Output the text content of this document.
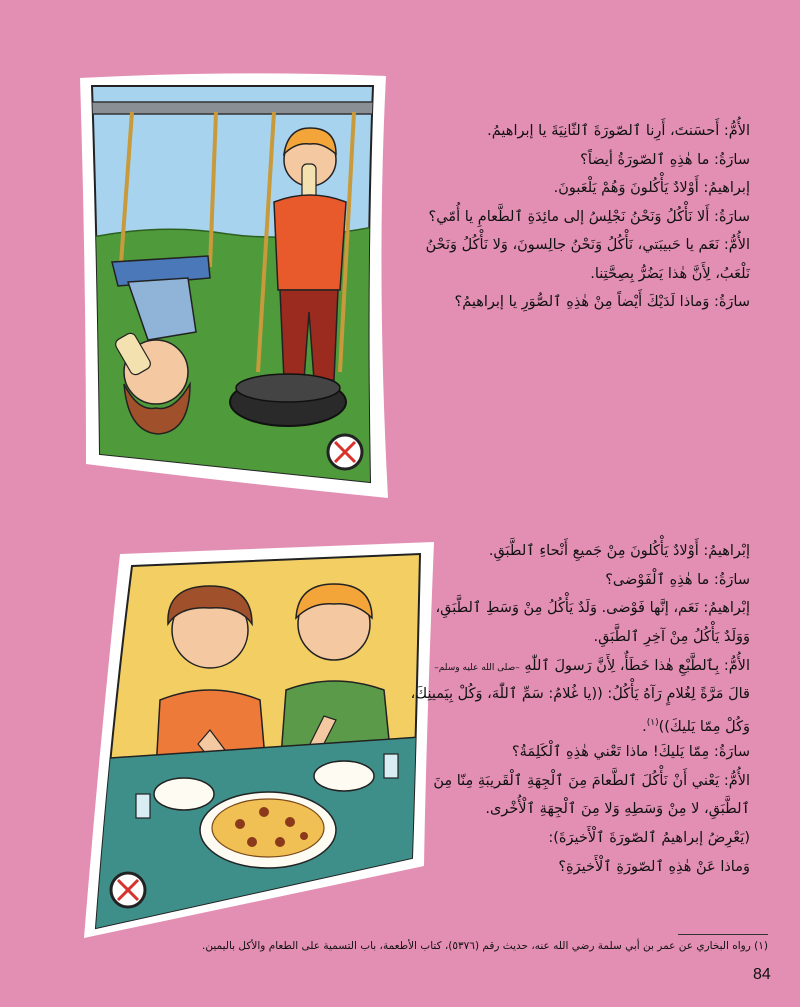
الأُمُّ: أَحسَنتَ، أَرِنا ٱلصّورَةَ ٱلثّانِيَةَ يا إبراهيمُ.
سارَةُ: ما هٰذِهِ ٱلصّورَةُ أيضاً؟
إبراهيمُ: أَوْلادٌ يَأْكُلونَ وَهُمْ يَلْعَبونَ.
سارَةُ: أَلا نَأْكُلُ وَنَحْنُ نَجْلِسُ إلى مائِدَةِ ٱلطَّعامِ يا أُمّي؟
الأُمُّ: نَعَم يا حَبيبَتي، نَأْكُلُ وَنَحْنُ جالِسونَ، وَلا نَأْكُلُ وَنَحْنُ
نَلْعَبُ، لِأَنَّ هٰذا يَضُرُّ بِصِحَّتِنا.
سارَةُ: وَماذا لَدَيْكَ أَيْضاً مِنْ هٰذِهِ ٱلصُّوَرِ يا إبراهيمُ؟
إبْراهيمُ: أَوْلادٌ يَأْكُلونَ مِنْ جَميعِ أَنْحاءِ ٱلطَّبَقِ.
سارَةُ: ما هٰذِهِ ٱلْفَوْضى؟
إبْراهيمُ: نَعَم، إنَّها فَوْضى. وَلَدٌ يَأْكُلُ مِنْ وَسَطِ ٱلطَّبَقِ،
وَوَلَدٌ يَأْكُلُ مِنْ آخِرِ ٱلطَّبَقِ.
الأُمُّ: بِٱلطَّبْعِ هٰذا خَطَأٌ، لِأَنَّ رَسولَ ٱللّٰهِ –صلى الله عليه وسلم–
قالَ مَرَّةً لِغُلامٍ رَآهُ يَأْكُلُ: ((يا غُلامُ: سَمِّ ٱللّٰهَ، وَكُلْ بِيَمينِكَ،
وَكُلْ مِمّا يَليكَ))$^{(١)}$.
سارَةُ: مِمّا يَليكَ! ماذا تَعْني هٰذِهِ ٱلْكَلِمَةُ؟
الأُمُّ: يَعْني أَنْ نَأْكُلَ ٱلطَّعامَ مِنَ ٱلْجِهَةِ ٱلْقَريبَةِ مِنّا مِنَ
ٱلطَّبَقِ، لا مِنْ وَسَطِهِ وَلا مِنَ ٱلْجِهَةِ ٱلْأُخْرى.
(يَعْرِضُ إبراهيمُ ٱلصّورَةَ ٱلْأَخيرَةَ):
وَماذا عَنْ هٰذِهِ ٱلصّورَةِ ٱلْأَخيرَةِ؟
(١) رواه البخاري عن عمر بن أبي سلمة رضي الله عنه، حديث رقم (٥٣٧٦)، كتاب الأطعمة، باب التسمية على الطعام والأكل باليمين.
84
